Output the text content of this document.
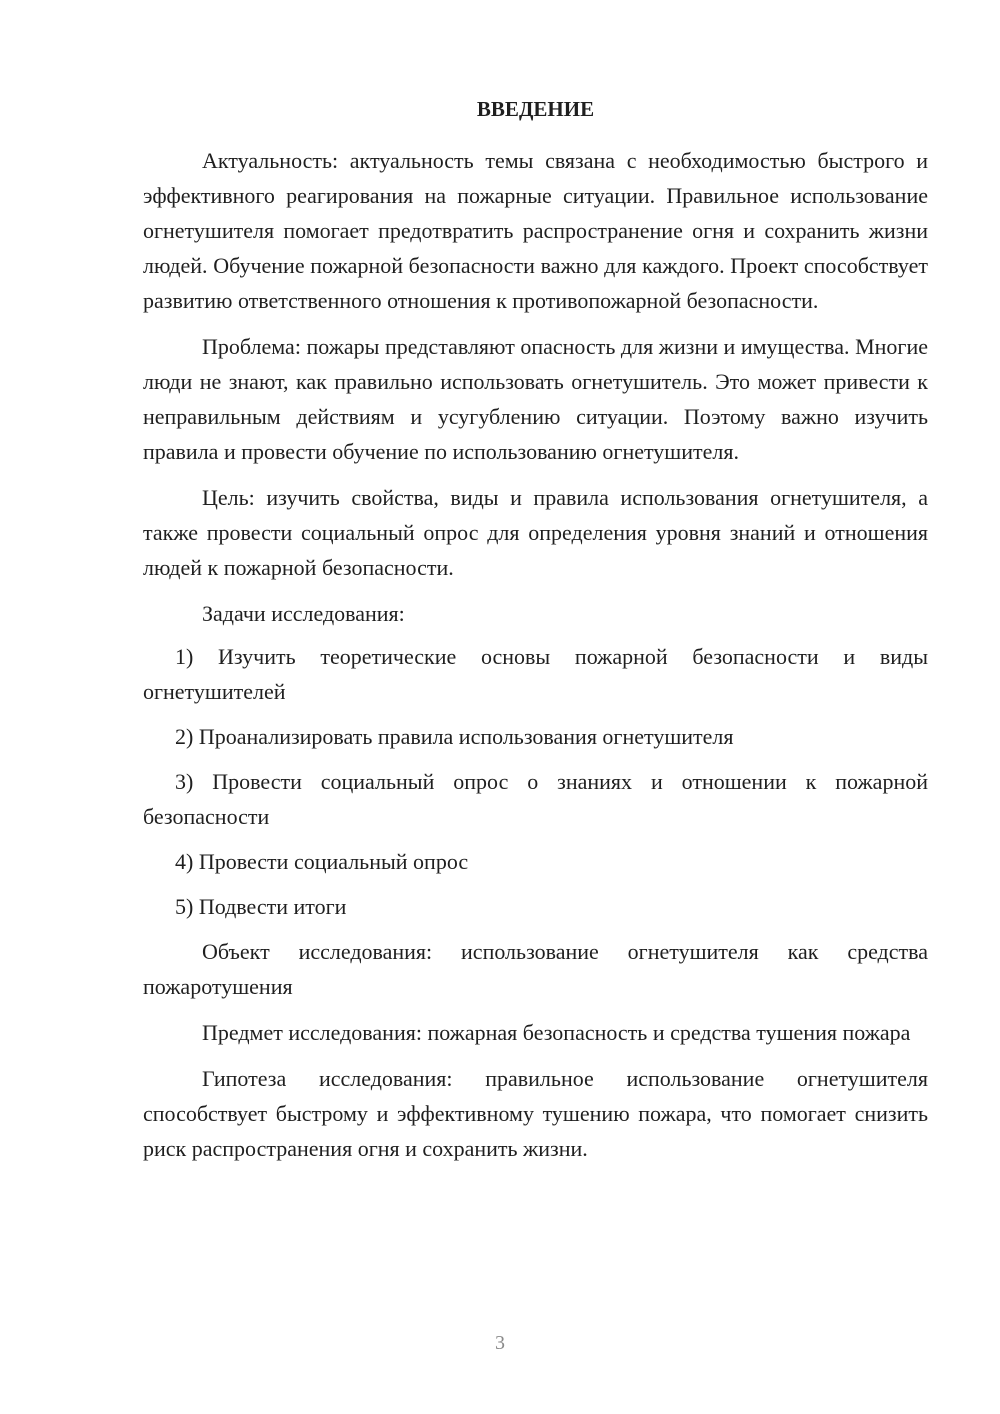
ВВЕДЕНИЕ

Актуальность: актуальность темы связана с необходимостью быстрого и эффективного реагирования на пожарные ситуации. Правильное использование огнетушителя помогает предотвратить распространение огня и сохранить жизни людей. Обучение пожарной безопасности важно для каждого. Проект способствует развитию ответственного отношения к противопожарной безопасности.

Проблема: пожары представляют опасность для жизни и имущества. Многие люди не знают, как правильно использовать огнетушитель. Это может привести к неправильным действиям и усугублению ситуации. Поэтому важно изучить правила и провести обучение по использованию огнетушителя.

Цель: изучить свойства, виды и правила использования огнетушителя, а также провести социальный опрос для определения уровня знаний и отношения людей к пожарной безопасности.

Задачи исследования:

1) Изучить теоретические основы пожарной безопасности и виды огнетушителей

2) Проанализировать правила использования огнетушителя

3) Провести социальный опрос о знаниях и отношении к пожарной безопасности

4) Провести социальный опрос

5) Подвести итоги

Объект исследования: использование огнетушителя как средства пожаротушения

Предмет исследования: пожарная безопасность и средства тушения пожара

Гипотеза исследования: правильное использование огнетушителя способствует быстрому и эффективному тушению пожара, что помогает снизить риск распространения огня и сохранить жизни.

3
